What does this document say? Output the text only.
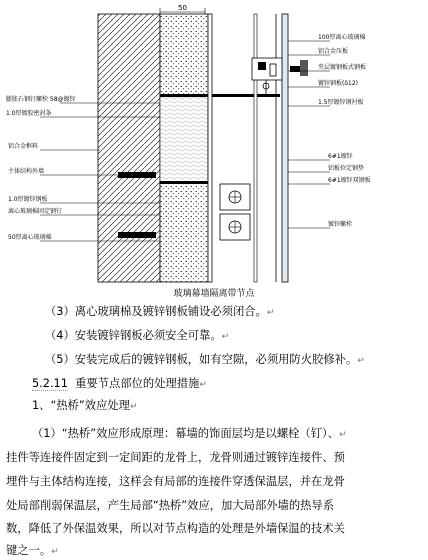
50
100厚离心玻璃棉
铝合金压板
夹层镀钢板式钢板
镀锌钢板(δ12)
1.5厚镀锌钢衬板
6#1镀锌
铝板位定钢垫
6#1镀锌双钢板
镀锌螺栓
膨胀石钢钉螺栓 58@镀锌
1.0厚镀胶密封条
铝合金框料
主体结构外墙
1.0厚镀锌钢板
离心玻璃棉固定钢钉
50厚离心玻璃棉
玻璃幕墙隔离带节点
（3）离心玻璃棉及镀锌钢板铺设必须闭合。↵
（4）安装镀锌钢板必须安全可靠。↵
（5）安装完成后的镀锌钢板，如有空隙，必须用防火胶修补。↵
5.2.11 重要节点部位的处理措施↵
1、“热桥”效应处理↵
（1）“热桥”效应形成原理：幕墙的饰面层均是以螺栓（钉）、↵
挂件等连接件固定到一定间距的龙骨上，龙骨则通过镀锌连接件、预
埋件与主体结构连接，这样会有局部的连接件穿透保温层，并在龙骨
处局部削弱保温层，产生局部“热桥”效应，加大局部外墙的热导系
数，降低了外保温效果，所以对节点构造的处理是外墙保温的技术关
键之一。↵
